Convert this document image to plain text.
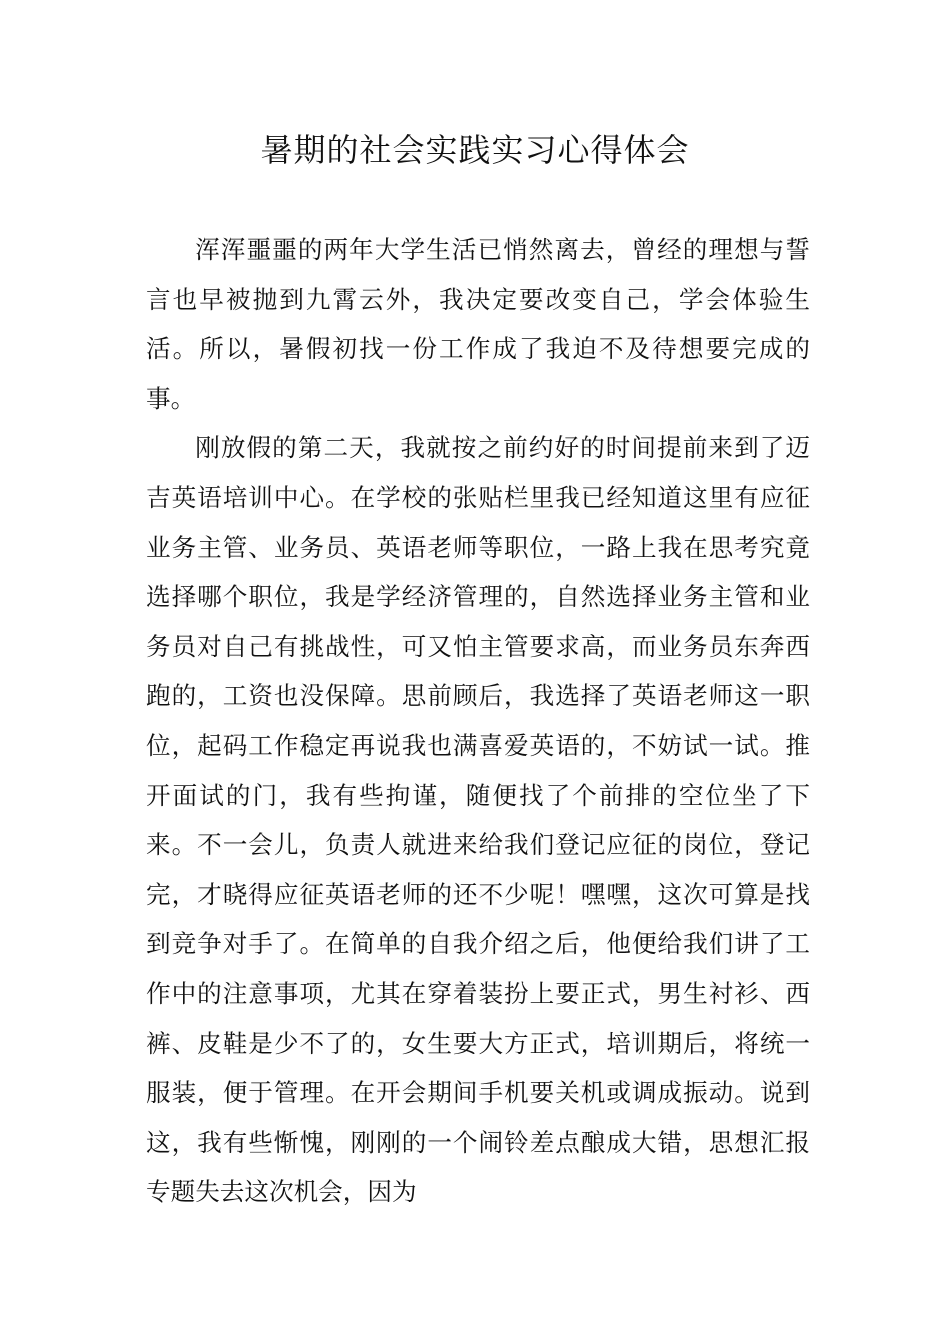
暑期的社会实践实习心得体会

浑浑噩噩的两年大学生活已悄然离去，曾经的理想与誓言也早被抛到九霄云外，我决定要改变自己，学会体验生活。所以，暑假初找一份工作成了我迫不及待想要完成的事。

刚放假的第二天，我就按之前约好的时间提前来到了迈吉英语培训中心。在学校的张贴栏里我已经知道这里有应征业务主管、业务员、英语老师等职位，一路上我在思考究竟选择哪个职位，我是学经济管理的，自然选择业务主管和业务员对自己有挑战性，可又怕主管要求高，而业务员东奔西跑的，工资也没保障。思前顾后，我选择了英语老师这一职位，起码工作稳定再说我也满喜爱英语的，不妨试一试。推开面试的门，我有些拘谨，随便找了个前排的空位坐了下来。不一会儿，负责人就进来给我们登记应征的岗位，登记完，才晓得应征英语老师的还不少呢！嘿嘿，这次可算是找到竞争对手了。在简单的自我介绍之后，他便给我们讲了工作中的注意事项，尤其在穿着装扮上要正式，男生衬衫、西裤、皮鞋是少不了的，女生要大方正式，培训期后，将统一服装，便于管理。在开会期间手机要关机或调成振动。说到这，我有些惭愧，刚刚的一个闹铃差点酿成大错，思想汇报专题失去这次机会，因为
